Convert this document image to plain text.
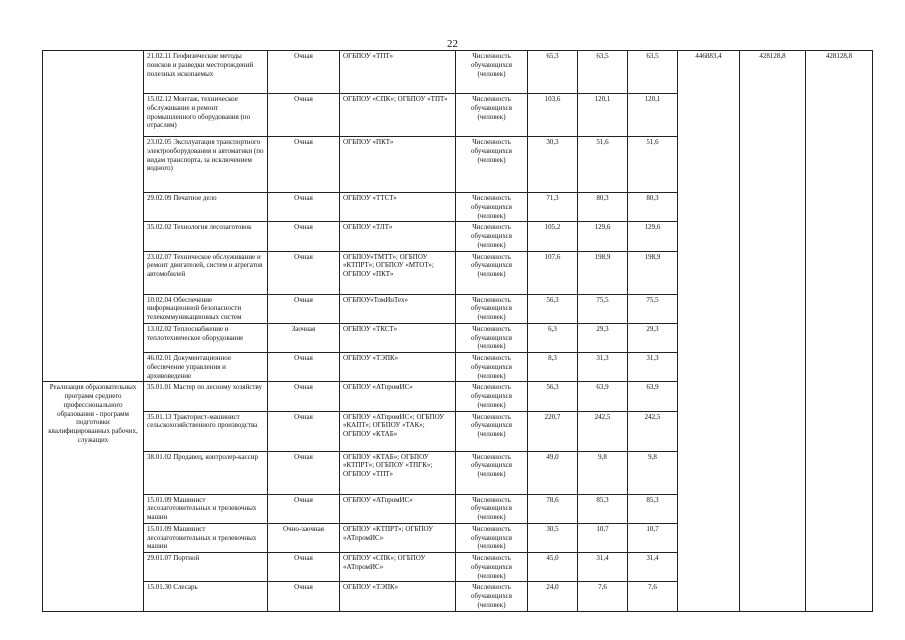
22
	21.02.11 Геофизические методы поисков и разведки месторождений полезных ископаемых	Очная	ОГБПОУ «ТПТ»	Численность обучающихся (человек)	65,3	63,5	63,5	446883,4	428128,8	428128,8
	15.02.12 Монтаж, техническое обслуживание и ремонт промышленного оборудования (по отраслям)	Очная	ОГБПОУ «СПК»; ОГБПОУ «ТПТ»	Численность обучающихся (человек)	103,6	120,1	120,1			
	23.02.05 Эксплуатация транспортного электрооборудования и автоматики (по видам транспорта, за исключением водного)	Очная	ОГБПОУ «ПКТ»	Численность обучающихся (человек)	30,3	51,6	51,6			
	29.02.09 Печатное дело	Очная	ОГБПОУ «ТТСТ»	Численность обучающихся (человек)	71,3	80,3	80,3			
	35.02.02 Технология лесозаготовок	Очная	ОГБПОУ «ТЛТ»	Численность обучающихся (человек)	105,2	129,6	129,6			
	23.02.07 Техническое обслуживание и ремонт двигателей, систем и агрегатов автомобилей	Очная	ОГБПОУ«ТМТТ»; ОГБПОУ «КТПРТ»; ОГБПОУ «МТОТ»; ОГБПОУ «ПКТ»	Численность обучающихся (человек)	107,6	198,9	198,9			
	10.02.04 Обеспечение информационной безопасности телекоммуникационных систем	Очная	ОГБПОУ«ТомИнТех»	Численность обучающихся (человек)	56,3	75,5	75,5			
	13.02.02 Теплоснабжение и теплотехническое оборудование	Заочная	ОГБПОУ «ТКСТ»	Численность обучающихся (человек)	6,3	29,3	29,3			
	46.02.01 Документационное обеспечение управления и архивоведение	Очная	ОГБПОУ «ТЭПК»	Численность обучающихся (человек)	8,3	31,3	31,3			
Реализация образовательных программ среднего профессионального образования - программ подготовки квалифицированных рабочих, служащих	35.01.01 Мастер по лесному хозяйству	Очная	ОГБПОУ «АТпромИС»	Численность обучающихся (человек)	56,3	63,9	63,9			
	35.01.13 Тракторист-машинист сельскохозяйственного производства	Очная	ОГБПОУ «АТпромИС»; ОГБПОУ «КАПТ»; ОГБПОУ «ТАК»; ОГБПОУ «КТАБ»	Численность обучающихся (человек)	220,7	242,5	242,5			
	38.01.02 Продавец, контролер-кассир	Очная	ОГБПОУ «КТАБ»; ОГБПОУ «КТПРТ»; ОГБПОУ «ТПГК»; ОГБПОУ «ТПТ»	Численность обучающихся (человек)	49,0	9,8	9,8			
	15.01.09 Машинист лесозаготовительных и трелевочных машин	Очная	ОГБПОУ «АТпромИС»	Численность обучающихся (человек)	78,6	85,3	85,3			
	15.01.09 Машинист лесозаготовительных и трелевочных машин	Очно-заочная	ОГБПОУ «КТПРТ»; ОГБПОУ «АТпромИС»	Численность обучающихся (человек)	30,5	10,7	10,7			
	29.01.07 Портной	Очная	ОГБПОУ «СПК»; ОГБПОУ «АТпромИС»	Численность обучающихся (человек)	45,0	31,4	31,4			
	15.01.30 Слесарь	Очная	ОГБПОУ «ТЭПК»	Численность обучающихся (человек)	24,0	7,6	7,6			
